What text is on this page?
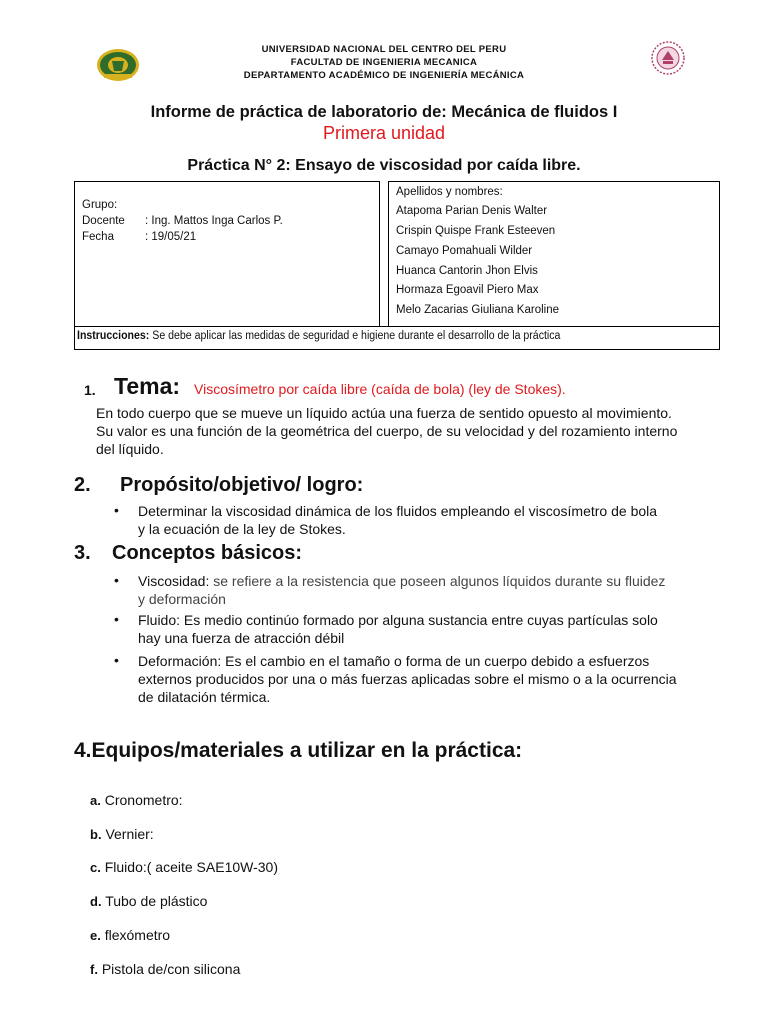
UNIVERSIDAD NACIONAL DEL CENTRO DEL PERU
FACULTAD DE INGENIERIA MECANICA
DEPARTAMENTO ACADÉMICO DE INGENIERÍA MECÁNICA
Informe de práctica de laboratorio de: Mecánica de fluidos I
Primera unidad
Práctica N° 2: Ensayo de viscosidad por caída libre.
Grupo:
Docente : Ing. Mattos Inga Carlos P.
Fecha	: 19/05/21
Apellidos y nombres:
Atapoma Parian Denis Walter
Crispin Quispe Frank Esteeven
Camayo Pomahuali Wilder
Huanca Cantorin Jhon Elvis
Hormaza Egoavil Piero Max
Melo Zacarias Giuliana Karoline
Instrucciones: Se debe aplicar las medidas de seguridad e higiene durante el desarrollo de la práctica
1. Tema: Viscosímetro por caída libre (caída de bola) (ley de Stokes).
En todo cuerpo que se mueve un líquido actúa una fuerza de sentido opuesto al movimiento.
Su valor es una función de la geométrica del cuerpo, de su velocidad y del rozamiento interno
del líquido.
2. Propósito/objetivo/ logro:
• Determinar la viscosidad dinámica de los fluidos empleando el viscosímetro de bola
y la ecuación de la ley de Stokes.
3. Conceptos básicos:
• Viscosidad: se refiere a la resistencia que poseen algunos líquidos durante su fluidez
y deformación
• Fluido: Es medio continúo formado por alguna sustancia entre cuyas partículas solo
hay una fuerza de atracción débil
• Deformación: Es el cambio en el tamaño o forma de un cuerpo debido a esfuerzos
externos producidos por una o más fuerzas aplicadas sobre el mismo o a la ocurrencia
de dilatación térmica.
4.Equipos/materiales a utilizar en la práctica:
a. Cronometro:
b. Vernier:
c. Fluido:( aceite SAE10W-30)
d. Tubo de plástico
e. flexómetro
f. Pistola de/con silicona
